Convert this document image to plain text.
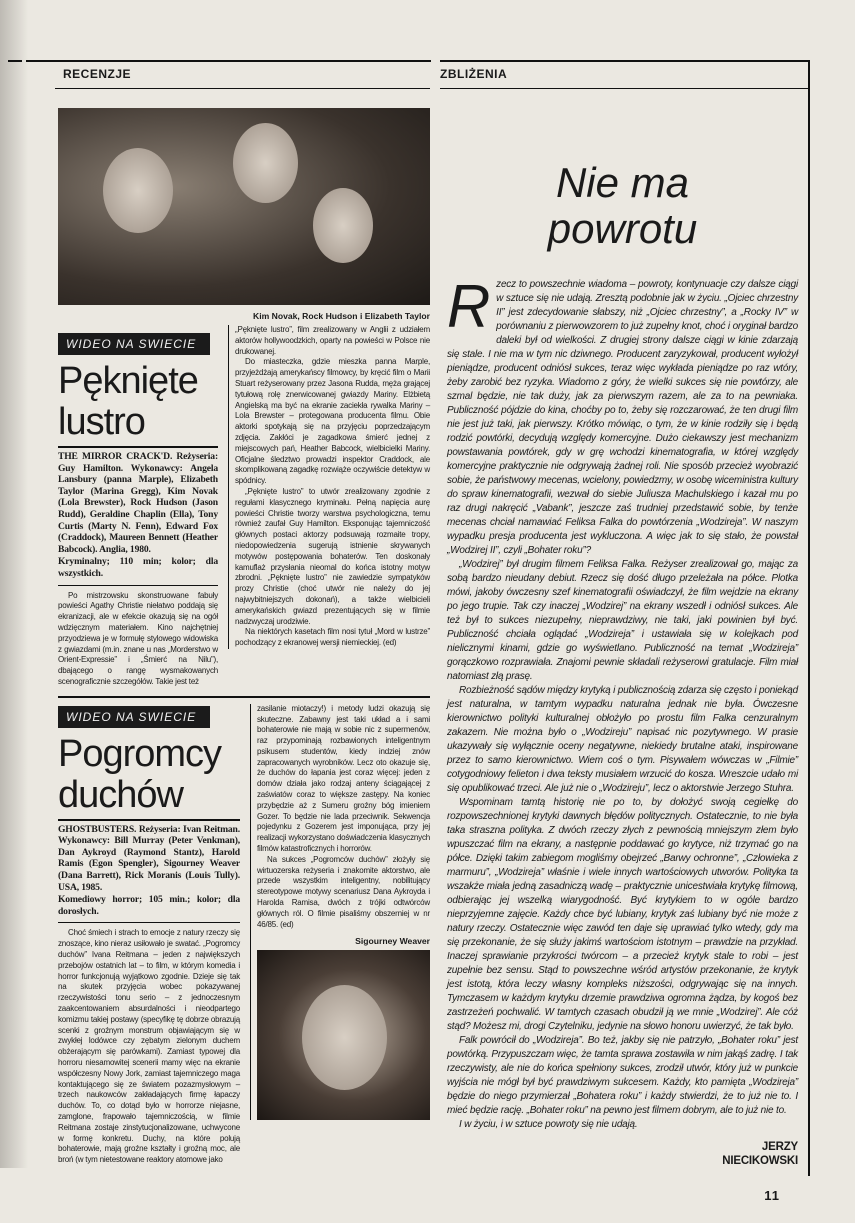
RECENZJE	ZBLIŻENIA
Kim Novak, Rock Hudson i Elizabeth Taylor
WIDEO NA SWIECIE
Pęknięte
lustro

THE MIRROR CRACK'D. Reżyseria: Guy Hamilton. Wykonawcy: Angela Lansbury (panna Marple), Elizabeth Taylor (Marina Gregg), Kim Novak (Lola Brewster), Rock Hudson (Jason Rudd), Geraldine Chaplin (Ella), Tony Curtis (Marty N. Fenn), Edward Fox (Craddock), Maureen Bennett (Heather Babcock). Anglia, 1980.

Kryminalny; 110 min; kolor; dla wszystkich.

Po mistrzowsku skonstruowane fabuły powieści Agathy Christie niełatwo poddają się ekranizacji, ale w efekcie okazują się na ogół wdzięcznym materiałem. Kino najchętniej przyodziewa je w formułę stylowego widowiska z gwiazdami (m.in. znane u nas „Morderstwo w Orient-Expressie” i „Śmierć na Nilu”), dbającego o rangę wysmakowanych scenograficznie szczegółów. Takie jest też

„Pęknięte lustro”, film zrealizowany w Anglii z udziałem aktorów hollywoodzkich, oparty na powieści w Polsce nie drukowanej.

Do miasteczka, gdzie mieszka panna Marple, przyjeżdżają amerykańscy filmowcy, by kręcić film o Marii Stuart reżyserowany przez Jasona Rudda, męża grającej tytułową rolę znerwicowanej gwiazdy Mariny. Elżbietą Angielską ma być na ekranie zaciekła rywalka Mariny – Lola Brewster – protegowana producenta filmu. Obie aktorki spotykają się na przyjęciu poprzedzającym zdjęcia. Zakłóci je zagadkowa śmierć jednej z miejscowych pań, Heather Babcock, wielbicielki Mariny. Oficjalne śledztwo prowadzi inspektor Craddock, ale skomplikowaną zagadkę rozwiąże oczywiście detektyw w spódnicy.

„Pęknięte lustro” to utwór zrealizowany zgodnie z regułami klasycznego kryminału. Pełną napięcia aurę powieści Christie tworzy warstwa psychologiczna, temu również zaufał Guy Hamilton. Eksponując tajemniczość głównych postaci aktorzy podsuwają rozmaite tropy, niedopowiedzenia sugerują istnienie skrywanych motywów postępowania bohaterów. Ten doskonały kamuflaż przysłania nieomal do końca istotny motyw zbrodni. „Pęknięte lustro” nie zawiedzie sympatyków prozy Christie (choć utwór nie należy do jej najwybitniejszych dokonań), a także wielbicieli amerykańskich gwiazd prezentujących się w filmie nadzwyczaj urodziwie.

Na niektórych kasetach film nosi tytuł „Mord w lustrze” pochodzący z ekranowej wersji niemieckiej. (ed)

WIDEO NA SWIECIE
Pogromcy
duchów

GHOSTBUSTERS. Reżyseria: Ivan Reitman. Wykonawcy: Bill Murray (Peter Venkman), Dan Aykroyd (Raymond Stantz), Harold Ramis (Egon Spengler), Sigourney Weaver (Dana Barrett), Rick Moranis (Louis Tully). USA, 1985.

Komediowy horror; 105 min.; kolor; dla dorosłych.

Choć śmiech i strach to emocje z natury rzeczy się znoszące, kino nieraz usiłowało je swatać. „Pogromcy duchów” Ivana Reitmana – jeden z największych przebojów ostatnich lat – to film, w którym komedia i horror funkcjonują wyjątkowo zgodnie. Dzieje się tak na skutek przyjęcia wobec pokazywanej rzeczywistości tonu serio – z jednoczesnym zaakcentowaniem absurdalności i nieodpartego komizmu takiej postawy (specyfikę tę dobrze obrazują scenki z groźnym monstrum objawiającym się w zwykłej lodówce czy zębatym zielonym duchem obżerającym się parówkami). Zamiast typowej dla horroru niesamowitej scenerii mamy więc na ekranie współczesny Nowy Jork, zamiast tajemniczego maga kontaktującego się ze światem pozazmysłowym – trzech naukowców zakładających firmę łapaczy duchów. To, co dotąd było w horrorze niejasne, zamglone, frapowało tajemniczością, w filmie Reitmana zostaje zinstytucjonalizowane, uchwycone w formę konkretu. Duchy, na które polują bohaterowie, mają groźne kształty i groźną moc, ale broń (w tym nietestowane reaktory atomowe jako

zasilanie miotaczy!) i metody ludzi okazują się skuteczne. Zabawny jest taki układ a i sami bohaterowie nie mają w sobie nic z supermenów, raz przypominają rozbawionych inteligentnym psikusem studentów, kiedy indziej znów zapracowanych wyrobników. Lecz oto okazuje się, że duchów do łapania jest coraz więcej: jeden z domów działa jako rodzaj anteny ściągającej z zaświatów coraz to większe zastępy. Na koniec przybędzie aż z Sumeru groźny bóg imieniem Gozer. To będzie nie lada przeciwnik. Sekwencja pojedynku z Gozerem jest imponująca, przy jej realizacji wykorzystano doświadczenia klasycznych filmów katastroficznych i horrorów.

Na sukces „Pogromców duchów” złożyły się wirtuozerska reżyseria i znakomite aktorstwo, ale przede wszystkim inteligentny, nobilitujący stereotypowe motywy scenariusz Dana Aykroyda i Harolda Ramisa, dwóch z trójki odtwórców głównych ról. O filmie pisaliśmy obszerniej w nr 46/85. (ed)

Sigourney Weaver
Nie ma
powrotu

Rzecz to powszechnie wiadoma – powroty, kontynuacje czy dalsze ciągi w sztuce się nie udają. Zresztą podobnie jak w życiu. „Ojciec chrzestny II” jest zdecydowanie słabszy, niż „Ojciec chrzestny”, a „Rocky IV” w porównaniu z pierwowzorem to już zupełny knot, choć i oryginał bardzo daleki był od wielkości. Z drugiej strony dalsze ciągi w kinie zdarzają się stale. I nie ma w tym nic dziwnego. Producent zaryzykował, producent wyłożył pieniądze, producent odniósł sukces, teraz więc wykłada pieniądze po raz wtóry, żeby zarobić bez ryzyka. Wiadomo z góry, że wielki sukces się nie powtórzy, ale szmal będzie, nie tak duży, jak za pierwszym razem, ale za to na pewniaka. Publiczność pójdzie do kina, choćby po to, żeby się rozczarować, że ten drugi film nie jest już taki, jak pierwszy. Krótko mówiąc, o tym, że w kinie rodziły się i będą rodzić powtórki, decydują względy komercyjne. Dużo ciekawszy jest mechanizm powstawania powtórek, gdy w grę wchodzi kinematografia, w której względy komercyjne praktycznie nie odgrywają żadnej roli. Nie sposób przecież wyobrazić sobie, że państwowy mecenas, wcielony, powiedzmy, w osobę wiceministra kultury do spraw kinematografii, wezwał do siebie Juliusza Machulskiego i kazał mu po raz drugi nakręcić „Vabank”, jeszcze zaś trudniej przedstawić sobie, by tenże mecenas chciał namawiać Feliksa Falka do powtórzenia „Wodzireja”. W naszym wypadku presja producenta jest wykluczona. A więc jak to się stało, że powstał „Wodzirej II”, czyli „Bohater roku”?

„Wodzirej” był drugim filmem Feliksa Falka. Reżyser zrealizował go, mając za sobą bardzo nieudany debiut. Rzecz się dość długo przeleżała na półce. Plotka mówi, jakoby ówczesny szef kinematografii oświadczył, że film wejdzie na ekrany po jego trupie. Tak czy inaczej „Wodzirej” na ekrany wszedł i odniósł sukces. Ale też był to sukces niezupełny, nieprawdziwy, nie taki, jaki powinien był być. Publiczność chciała oglądać „Wodzireja” i ustawiała się w kolejkach pod nielicznymi kinami, gdzie go wyświetlano. Publiczność na temat „Wodzireja” gorączkowo rozprawiała. Znajomi pewnie składali reżyserowi gratulacje. Film miał natomiast złą prasę.

Rozbieżność sądów między krytyką i publicznością zdarza się często i poniekąd jest naturalna, w tamtym wypadku naturalna jednak nie była. Ówczesne kierownictwo polityki kulturalnej obłożyło po prostu film Falka cenzuralnym zakazem. Nie można było o „Wodzireju” napisać nic pozytywnego. W prasie ukazywały się wyłącznie oceny negatywne, niekiedy brutalne ataki, inspirowane przez to samo kierownictwo. Wiem coś o tym. Pisywałem wówczas w „Filmie” cotygodniowy felieton i dwa teksty musiałem wrzucić do kosza. Wreszcie udało mi się opublikować trzeci. Ale już nie o „Wodzireju”, lecz o aktorstwie Jerzego Stuhra.

Wspominam tamtą historię nie po to, by dołożyć swoją cegiełkę do rozpowszechnionej krytyki dawnych błędów politycznych. Ostatecznie, to nie była taka straszna polityka. Z dwóch rzeczy złych z pewnością mniejszym złem było wpuszczać film na ekrany, a następnie poddawać go krytyce, niż trzymać go na półce. Dzięki takim zabiegom mogliśmy obejrzeć „Barwy ochronne”, „Człowieka z marmuru”, „Wodzireja” właśnie i wiele innych wartościowych utworów. Polityka ta wszakże miała jedną zasadniczą wadę – praktycznie unicestwiała krytykę filmową, odbierając jej wszelką wiarygodność. Być krytykiem to w ogóle bardzo nieprzyjemne zajęcie. Każdy chce być lubiany, krytyk zaś lubiany być nie może z natury rzeczy. Ostatecznie więc zawód ten daje się uprawiać tylko wtedy, gdy ma się przekonanie, że się służy jakimś wartościom istotnym – prawdzie na przykład. Inaczej sprawianie przykrości twórcom – a przecież krytyk stale to robi – jest zupełnie bez sensu. Stąd to powszechne wśród artystów przekonanie, że krytyk jest istotą, która leczy własny kompleks niższości, odgrywając się na innych. Tymczasem w każdym krytyku drzemie prawdziwa ogromna żądza, by kogoś bez zastrzeżeń pochwalić. W tamtych czasach obudził ją we mnie „Wodzirej”. Ale cóż stąd? Możesz mi, drogi Czytelniku, jedynie na słowo honoru uwierzyć, że tak było.

Falk powrócił do „Wodzireja”. Bo też, jakby się nie patrzyło, „Bohater roku” jest powtórką. Przypuszczam więc, że tamta sprawa zostawiła w nim jakąś zadrę. I tak rzeczywisty, ale nie do końca spełniony sukces, zrodził utwór, który już w punkcie wyjścia nie mógł był być prawdziwym sukcesem. Każdy, kto pamięta „Wodzireja” będzie do niego przymierzał „Bohatera roku” i każdy stwierdzi, że to już nie to. I mieć będzie rację. „Bohater roku” na pewno jest filmem dobrym, ale to już nie to.

I w życiu, i w sztuce powroty się nie udają.

JERZY
NIECIKOWSKI
11
